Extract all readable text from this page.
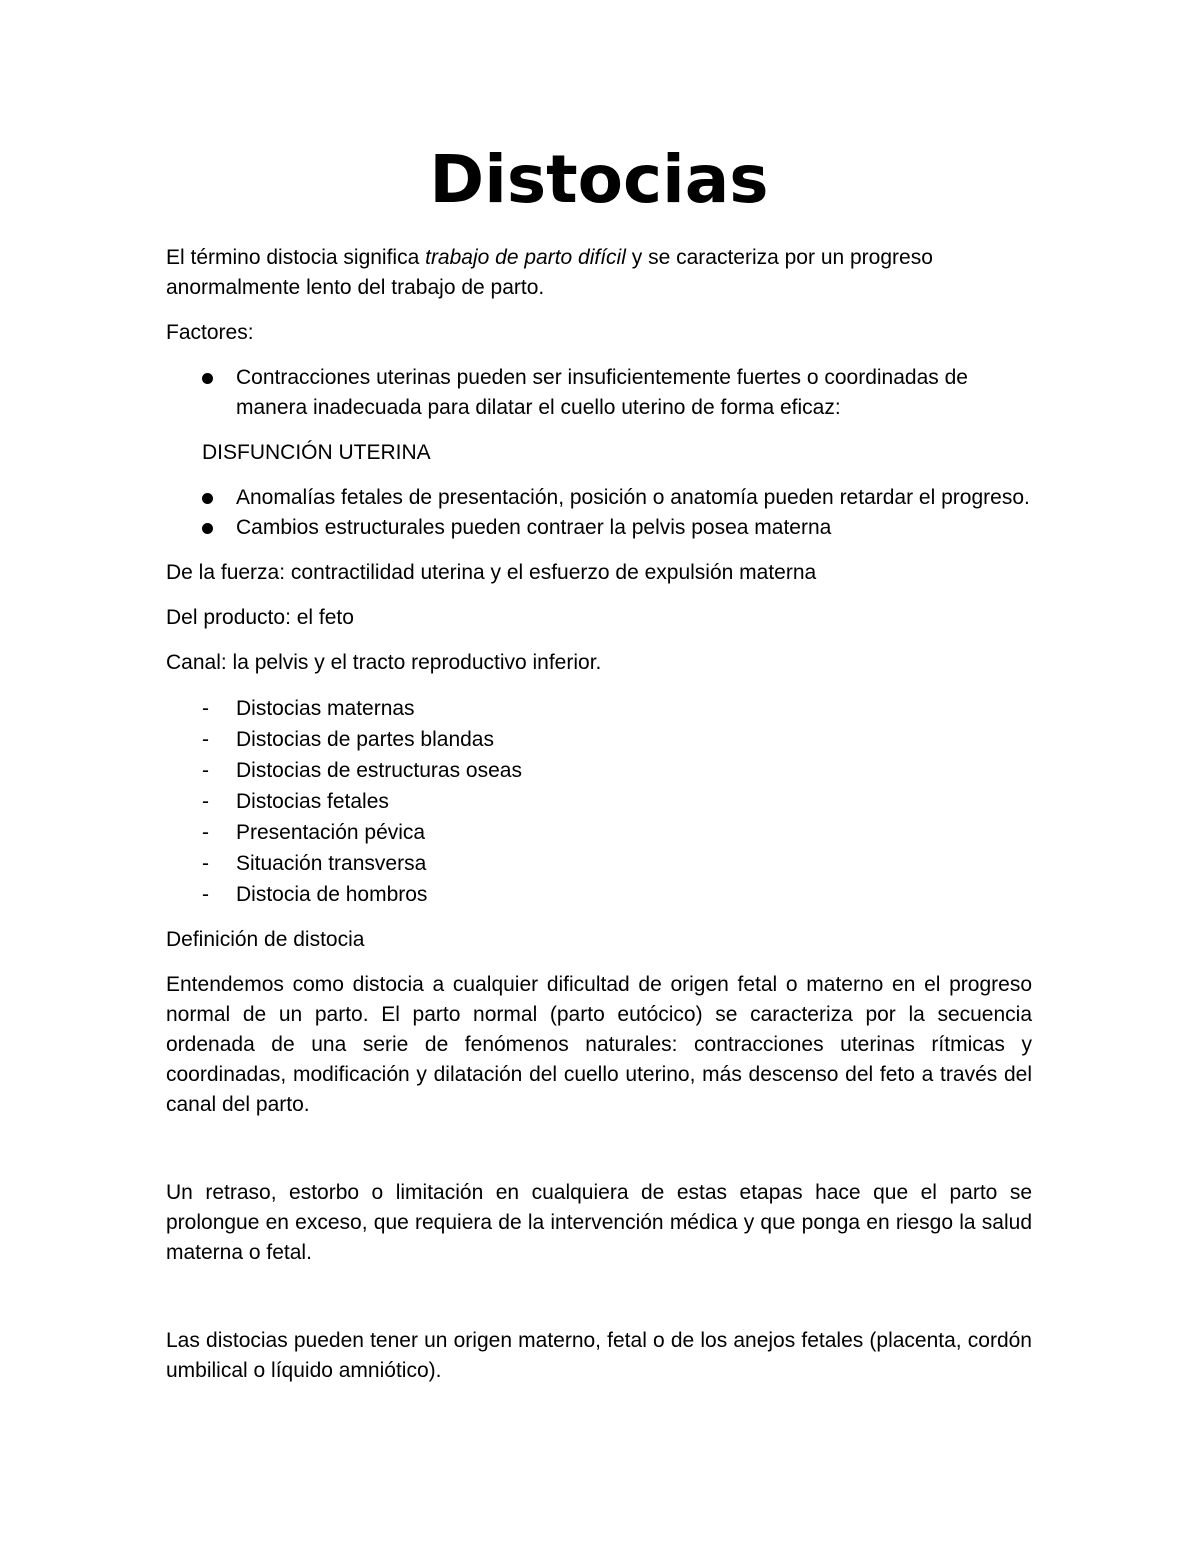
Distocias

El término distocia significa trabajo de parto difícil y se caracteriza por un progreso anormalmente lento del trabajo de parto.

Factores:

Contracciones uterinas pueden ser insuficientemente fuertes o coordinadas de manera inadecuada para dilatar el cuello uterino de forma eficaz:

DISFUNCIÓN UTERINA

Anomalías fetales de presentación, posición o anatomía pueden retardar el progreso.
Cambios estructurales pueden contraer la pelvis posea materna

De la fuerza: contractilidad uterina y el esfuerzo de expulsión materna

Del producto: el feto

Canal: la pelvis y el tracto reproductivo inferior.

- Distocias maternas
- Distocias de partes blandas
- Distocias de estructuras oseas
- Distocias fetales
- Presentación pévica
- Situación transversa
- Distocia de hombros

Definición de distocia

Entendemos como distocia a cualquier dificultad de origen fetal o materno en el progreso normal de un parto. El parto normal (parto eutócico) se caracteriza por la secuencia ordenada de una serie de fenómenos naturales: contracciones uterinas rítmicas y coordinadas, modificación y dilatación del cuello uterino, más descenso del feto a través del canal del parto.

Un retraso, estorbo o limitación en cualquiera de estas etapas hace que el parto se prolongue en exceso, que requiera de la intervención médica y que ponga en riesgo la salud materna o fetal.

Las distocias pueden tener un origen materno, fetal o de los anejos fetales (placenta, cordón umbilical o líquido amniótico).
